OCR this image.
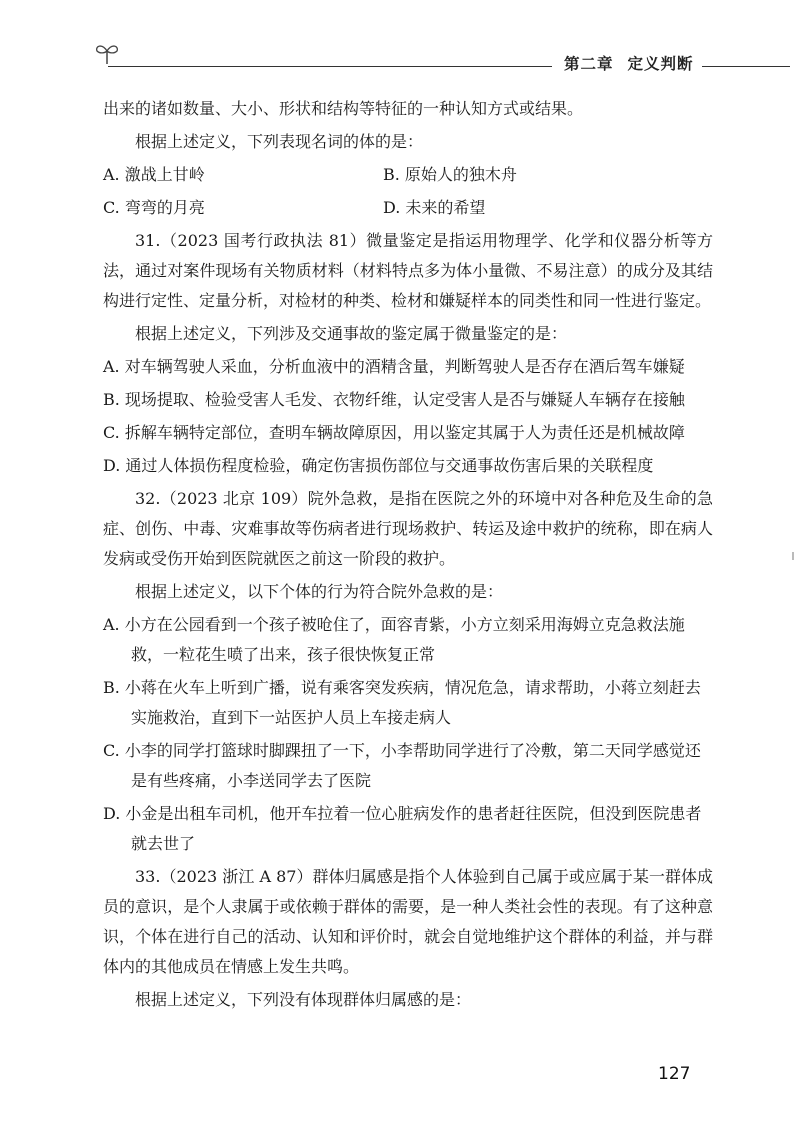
第二章 定义判断

出来的诸如数量、大小、形状和结构等特征的一种认知方式或结果。

根据上述定义，下列表现名词的体的是：

A. 激战上甘岭	B. 原始人的独木舟
C. 弯弯的月亮	D. 未来的希望

31.（2023 国考行政执法 81）微量鉴定是指运用物理学、化学和仪器分析等方法，通过对案件现场有关物质材料（材料特点多为体小量微、不易注意）的成分及其结构进行定性、定量分析，对检材的种类、检材和嫌疑样本的同类性和同一性进行鉴定。

根据上述定义，下列涉及交通事故的鉴定属于微量鉴定的是：

A. 对车辆驾驶人采血，分析血液中的酒精含量，判断驾驶人是否存在酒后驾车嫌疑

B. 现场提取、检验受害人毛发、衣物纤维，认定受害人是否与嫌疑人车辆存在接触

C. 拆解车辆特定部位，查明车辆故障原因，用以鉴定其属于人为责任还是机械故障

D. 通过人体损伤程度检验，确定伤害损伤部位与交通事故伤害后果的关联程度

32.（2023 北京 109）院外急救，是指在医院之外的环境中对各种危及生命的急症、创伤、中毒、灾难事故等伤病者进行现场救护、转运及途中救护的统称，即在病人发病或受伤开始到医院就医之前这一阶段的救护。

根据上述定义，以下个体的行为符合院外急救的是：

A. 小方在公园看到一个孩子被呛住了，面容青紫，小方立刻采用海姆立克急救法施救，一粒花生喷了出来，孩子很快恢复正常

B. 小蒋在火车上听到广播，说有乘客突发疾病，情况危急，请求帮助，小蒋立刻赶去实施救治，直到下一站医护人员上车接走病人

C. 小李的同学打篮球时脚踝扭了一下，小李帮助同学进行了冷敷，第二天同学感觉还是有些疼痛，小李送同学去了医院

D. 小金是出租车司机，他开车拉着一位心脏病发作的患者赶往医院，但没到医院患者就去世了

33.（2023 浙江 A 87）群体归属感是指个人体验到自己属于或应属于某一群体成员的意识，是个人隶属于或依赖于群体的需要，是一种人类社会性的表现。有了这种意识，个体在进行自己的活动、认知和评价时，就会自觉地维护这个群体的利益，并与群体内的其他成员在情感上发生共鸣。

根据上述定义，下列没有体现群体归属感的是：

127
